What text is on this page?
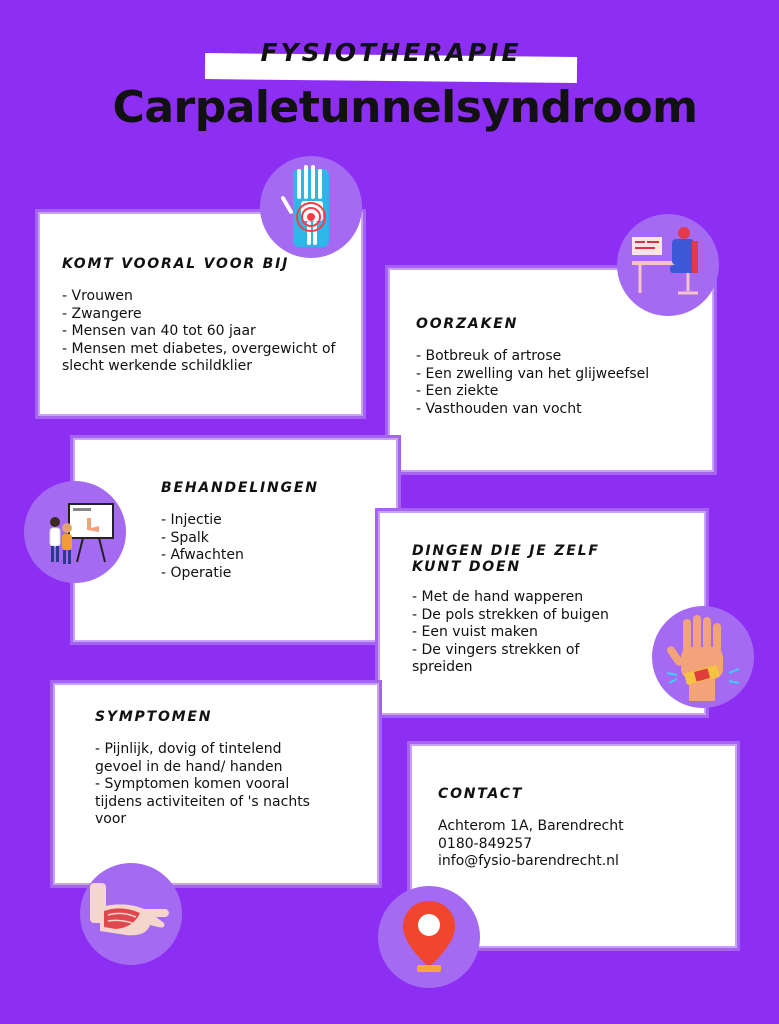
FYSIOTHERAPIE
Carpaletunnelsyndroom
KOMT VOORAL VOOR BIJ
- Vrouwen
- Zwangere
- Mensen van 40 tot 60 jaar
- Mensen met diabetes, overgewicht of slecht werkende schildklier
OORZAKEN
- Botbreuk of artrose
- Een zwelling van het glijweefsel
- Een ziekte
- Vasthouden van vocht
BEHANDELINGEN
- Injectie
- Spalk
- Afwachten
- Operatie
DINGEN DIE JE ZELF KUNT DOEN
- Met de hand wapperen
- De pols strekken of buigen
- Een vuist maken
- De vingers strekken of spreiden
SYMPTOMEN
- Pijnlijk, dovig of tintelend gevoel in de hand/ handen
- Symptomen komen vooral tijdens activiteiten of 's nachts voor
CONTACT
Achterom 1A, Barendrecht
0180-849257
info@fysio-barendrecht.nl
